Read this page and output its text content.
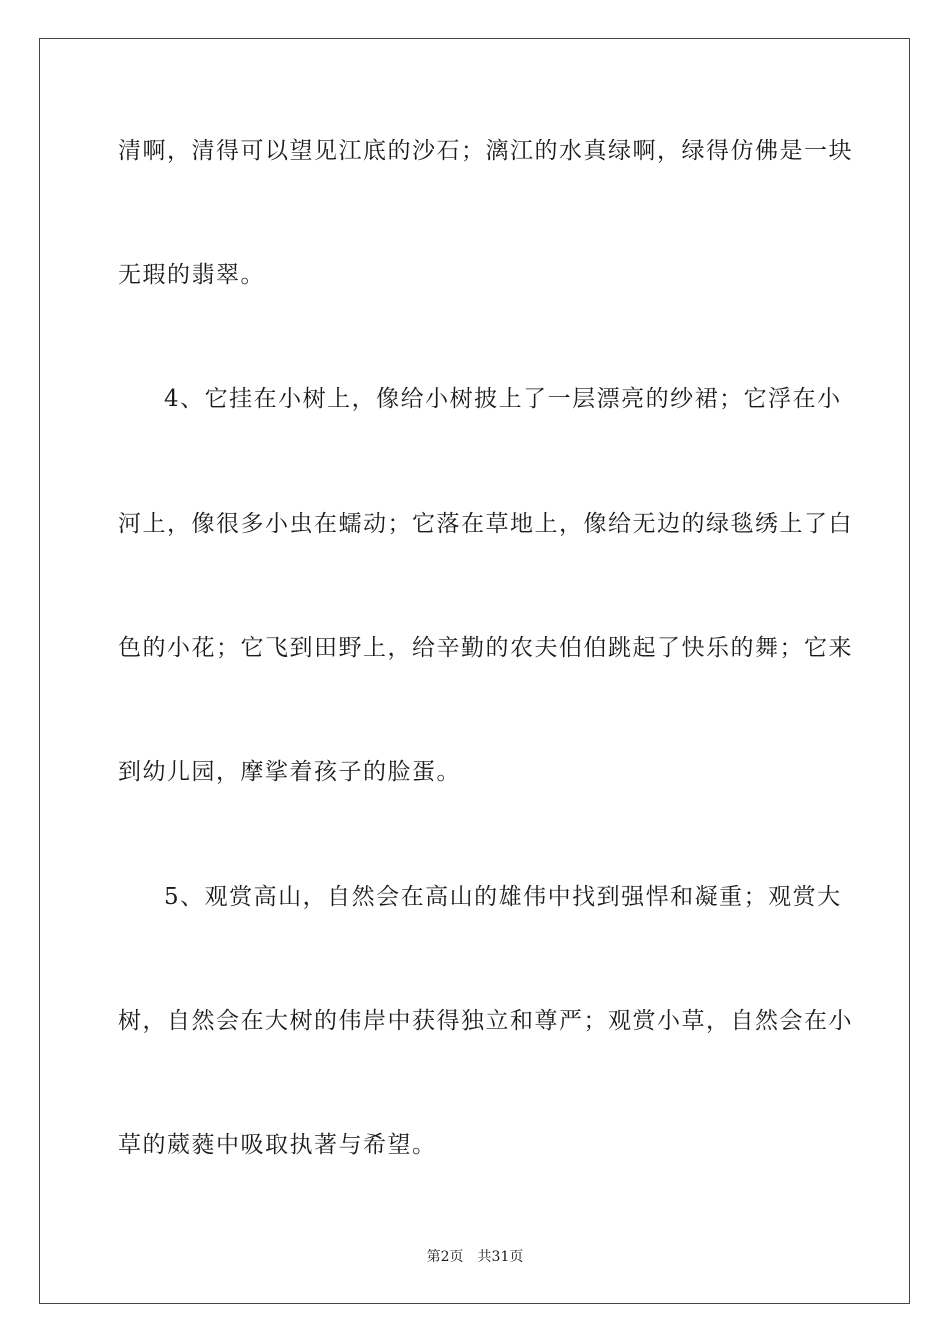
清啊，清得可以望见江底的沙石；漓江的水真绿啊，绿得仿佛是一块
无瑕的翡翠。
4、它挂在小树上，像给小树披上了一层漂亮的纱裙；它浮在小
河上，像很多小虫在蠕动；它落在草地上，像给无边的绿毯绣上了白
色的小花；它飞到田野上，给辛勤的农夫伯伯跳起了快乐的舞；它来
到幼儿园，摩挲着孩子的脸蛋。
5、观赏高山，自然会在高山的雄伟中找到强悍和凝重；观赏大
树，自然会在大树的伟岸中获得独立和尊严；观赏小草，自然会在小
草的葳蕤中吸取执著与希望。
第2页 共31页
